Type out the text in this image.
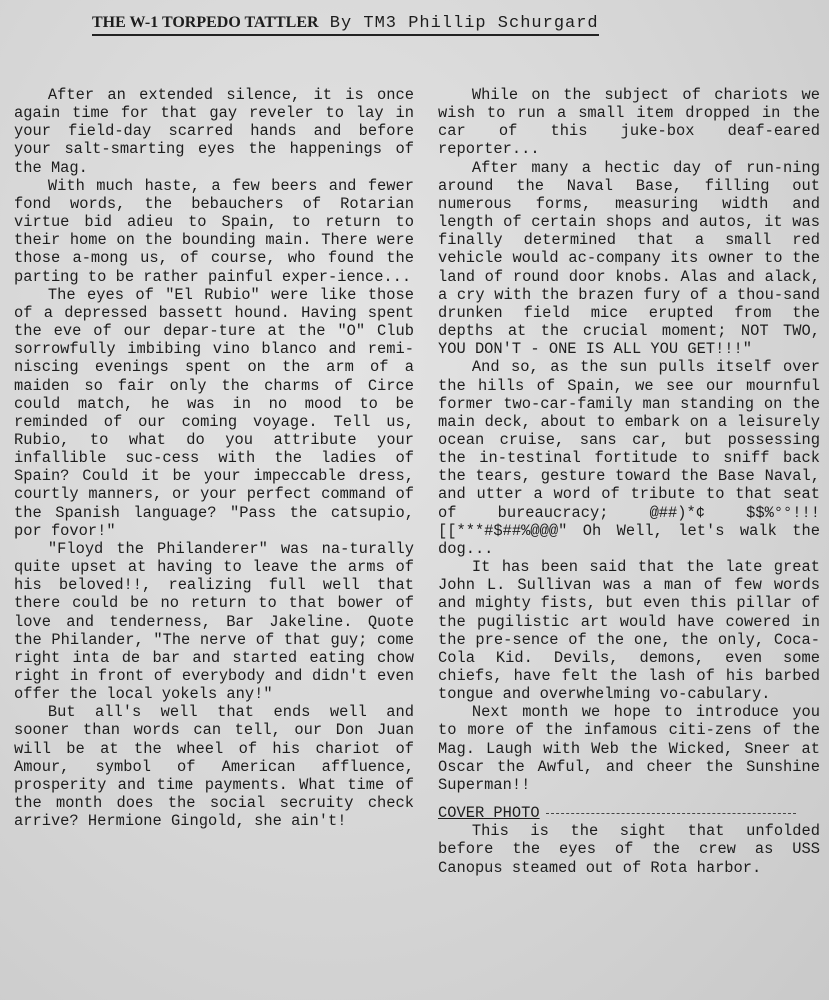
THE W-1 TORPEDO TATTLER By TM3 Phillip Schurgard

After an extended silence, it is once again time for that gay reveler to lay in your field-day scarred hands and before your salt-smarting eyes the happenings of the Mag.

With much haste, a few beers and fewer fond words, the bebauchers of Rotarian virtue bid adieu to Spain, to return to their home on the bounding main. There were those a-mong us, of course, who found the parting to be rather painful exper-ience...

The eyes of "El Rubio" were like those of a depressed bassett hound. Having spent the eve of our depar-ture at the "O" Club sorrowfully imbibing vino blanco and remi-niscing evenings spent on the arm of a maiden so fair only the charms of Circe could match, he was in no mood to be reminded of our coming voyage. Tell us, Rubio, to what do you attribute your infallible suc-cess with the ladies of Spain? Could it be your impeccable dress, courtly manners, or your perfect command of the Spanish language? "Pass the catsupio, por fovor!"

"Floyd the Philanderer" was na-turally quite upset at having to leave the arms of his beloved!!, realizing full well that there could be no return to that bower of love and tenderness, Bar Jakeline. Quote the Philander, "The nerve of that guy; come right inta de bar and started eating chow right in front of everybody and didn't even offer the local yokels any!"

But all's well that ends well and sooner than words can tell, our Don Juan will be at the wheel of his chariot of Amour, symbol of American affluence, prosperity and time payments. What time of the month does the social secruity check arrive? Hermione Gingold, she ain't!

While on the subject of chariots we wish to run a small item dropped in the car of this juke-box deaf-eared reporter...

After many a hectic day of run-ning around the Naval Base, filling out numerous forms, measuring width and length of certain shops and autos, it was finally determined that a small red vehicle would ac-company its owner to the land of round door knobs. Alas and alack, a cry with the brazen fury of a thou-sand drunken field mice erupted from the depths at the crucial moment; NOT TWO, YOU DON'T - ONE IS ALL YOU GET!!!"

And so, as the sun pulls itself over the hills of Spain, we see our mournful former two-car-family man standing on the main deck, about to embark on a leisurely ocean cruise, sans car, but possessing the in-testinal fortitude to sniff back the tears, gesture toward the Base Naval, and utter a word of tribute to that seat of bureaucracy; @##)*¢ $$%°°!!![[***#$##%@@@" Oh Well, let's walk the dog...

It has been said that the late great John L. Sullivan was a man of few words and mighty fists, but even this pillar of the pugilistic art would have cowered in the pre-sence of the one, the only, Coca-Cola Kid. Devils, demons, even some chiefs, have felt the lash of his barbed tongue and overwhelming vo-cabulary.

Next month we hope to introduce you to more of the infamous citi-zens of the Mag. Laugh with Web the Wicked, Sneer at Oscar the Awful, and cheer the Sunshine Superman!!

COVER PHOTO

This is the sight that unfolded before the eyes of the crew as USS Canopus steamed out of Rota harbor.
